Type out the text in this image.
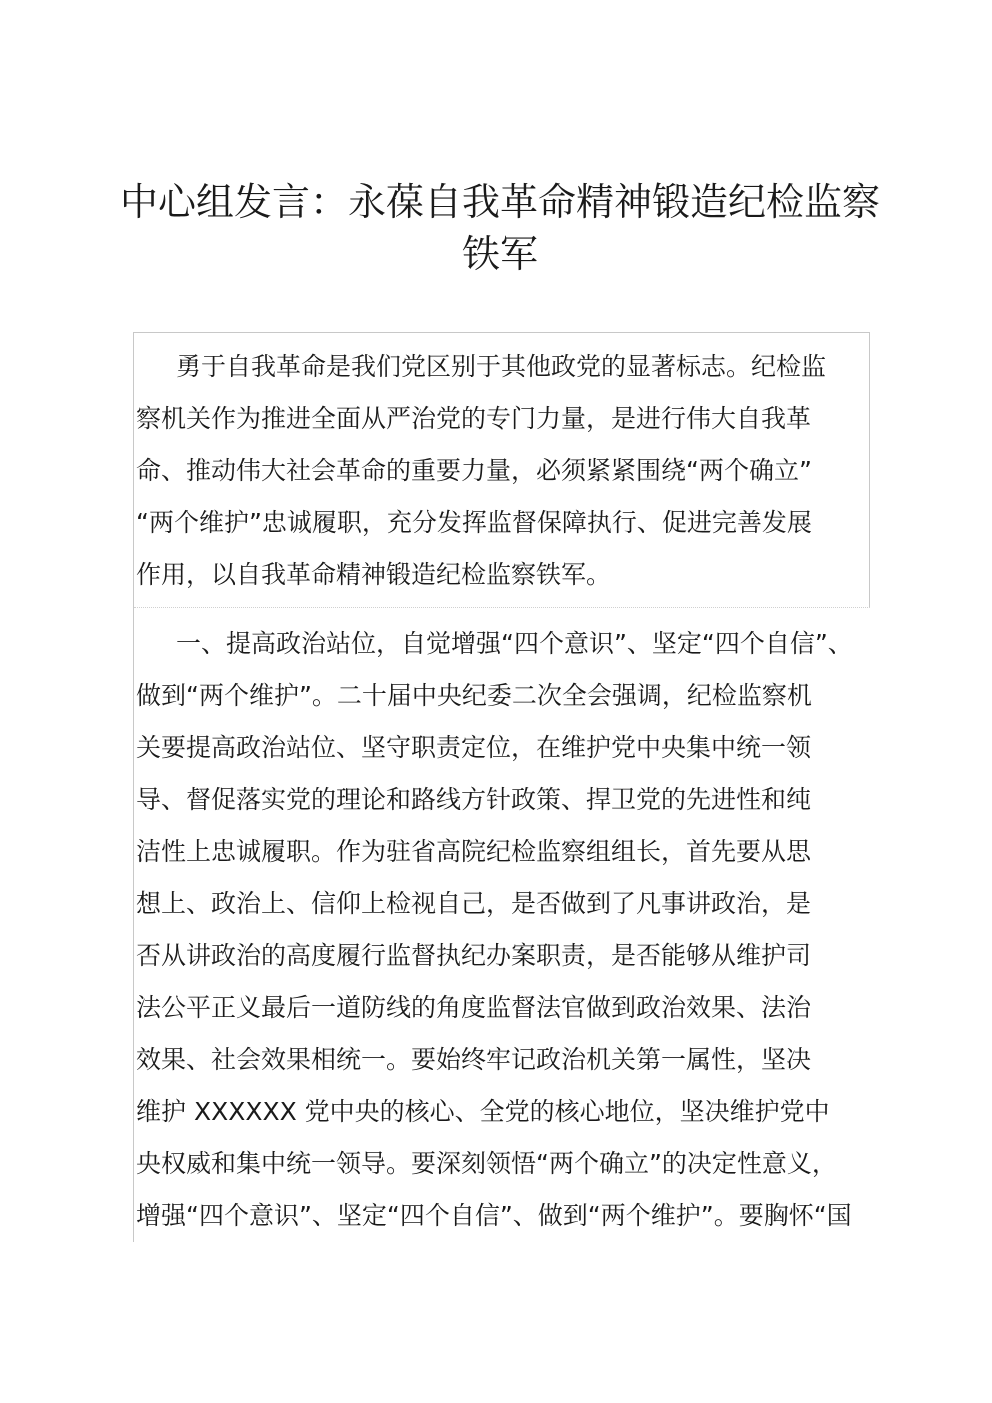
中心组发言：永葆自我革命精神锻造纪检监察
铁军

勇于自我革命是我们党区别于其他政党的显著标志。纪检监
察机关作为推进全面从严治党的专门力量，是进行伟大自我革
命、推动伟大社会革命的重要力量，必须紧紧围绕“两个确立”
“两个维护”忠诚履职，充分发挥监督保障执行、促进完善发展
作用，以自我革命精神锻造纪检监察铁军。

一、提高政治站位，自觉增强“四个意识”、坚定“四个自信”、
做到“两个维护”。二十届中央纪委二次全会强调，纪检监察机
关要提高政治站位、坚守职责定位，在维护党中央集中统一领
导、督促落实党的理论和路线方针政策、捍卫党的先进性和纯
洁性上忠诚履职。作为驻省高院纪检监察组组长，首先要从思
想上、政治上、信仰上检视自己，是否做到了凡事讲政治，是
否从讲政治的高度履行监督执纪办案职责，是否能够从维护司
法公平正义最后一道防线的角度监督法官做到政治效果、法治
效果、社会效果相统一。要始终牢记政治机关第一属性，坚决
维护 XXXXXX 党中央的核心、全党的核心地位，坚决维护党中
央权威和集中统一领导。要深刻领悟“两个确立”的决定性意义，
增强“四个意识”、坚定“四个自信”、做到“两个维护”。要胸怀“国
